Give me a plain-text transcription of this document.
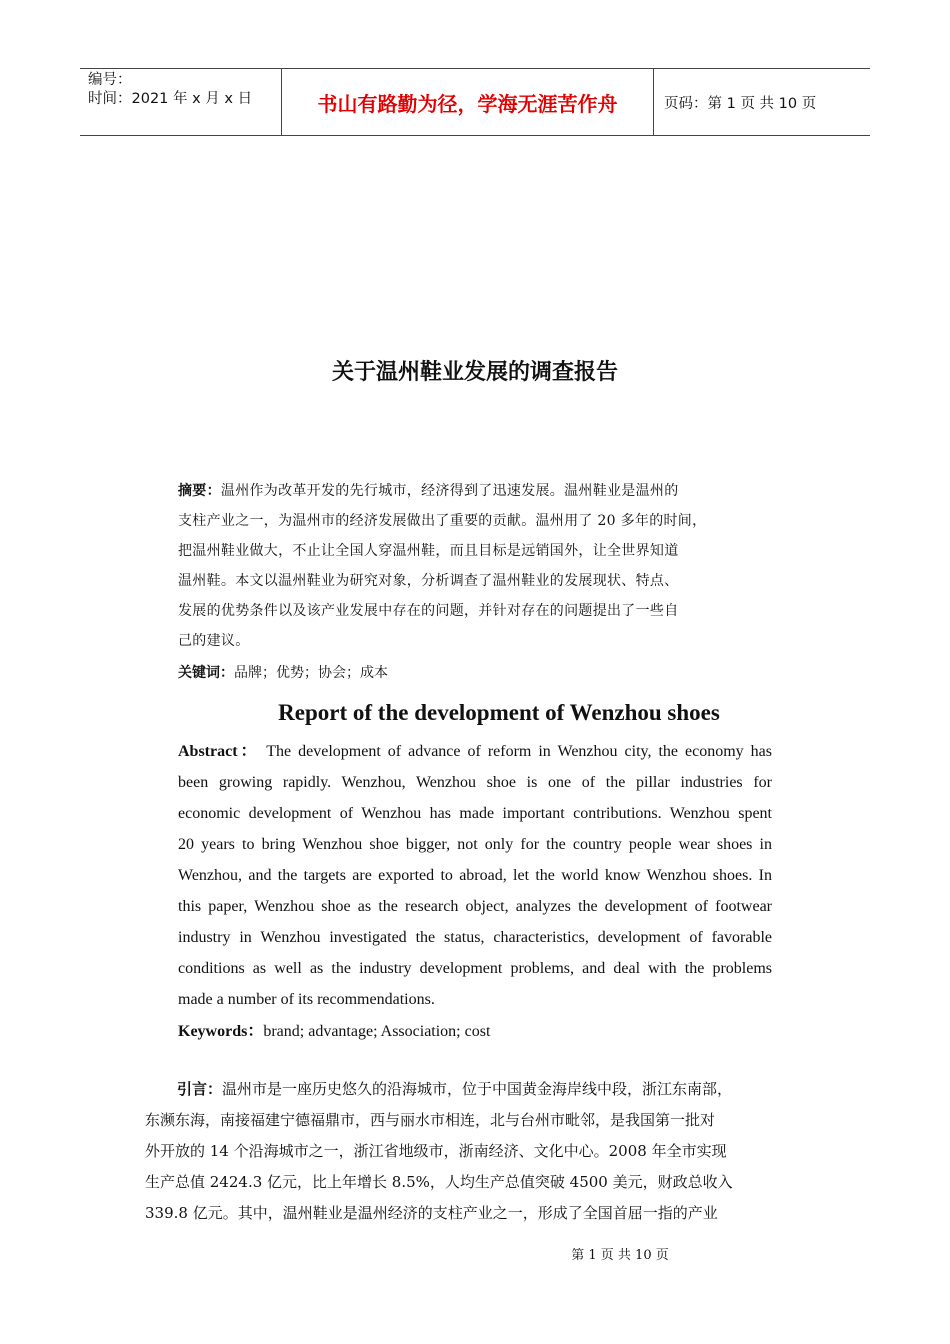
编号：
时间：2021 年 x 月 x 日	书山有路勤为径，学海无涯苦作舟	页码：第 1 页 共 10 页
关于温州鞋业发展的调查报告
摘要：温州作为改革开发的先行城市，经济得到了迅速发展。温州鞋业是温州的
支柱产业之一，为温州市的经济发展做出了重要的贡献。温州用了 20 多年的时间，
把温州鞋业做大，不止让全国人穿温州鞋，而且目标是远销国外，让全世界知道
温州鞋。本文以温州鞋业为研究对象，分析调查了温州鞋业的发展现状、特点、
发展的优势条件以及该产业发展中存在的问题，并针对存在的问题提出了一些自
己的建议。
关键词：品牌；优势；协会；成本
Report of the development of Wenzhou shoes
Abstract： The development of advance of reform in Wenzhou city, the economy has
been growing rapidly. Wenzhou, Wenzhou shoe is one of the pillar industries for
economic development of Wenzhou has made important contributions. Wenzhou spent
20 years to bring Wenzhou shoe bigger, not only for the country people wear shoes in
Wenzhou, and the targets are exported to abroad, let the world know Wenzhou shoes. In
this paper, Wenzhou shoe as the research object, analyzes the development of footwear
industry in Wenzhou investigated the status, characteristics, development of favorable
conditions as well as the industry development problems, and deal with the problems
made a number of its recommendations.
Keywords：brand; advantage; Association; cost
引言：温州市是一座历史悠久的沿海城市，位于中国黄金海岸线中段，浙江东南部，
东濒东海，南接福建宁德福鼎市，西与丽水市相连，北与台州市毗邻，是我国第一批对
外开放的 14 个沿海城市之一，浙江省地级市，浙南经济、文化中心。2008 年全市实现
生产总值 2424.3 亿元，比上年增长 8.5%，人均生产总值突破 4500 美元，财政总收入
339.8 亿元。其中，温州鞋业是温州经济的支柱产业之一，形成了全国首屈一指的产业
第 1 页 共 10 页
